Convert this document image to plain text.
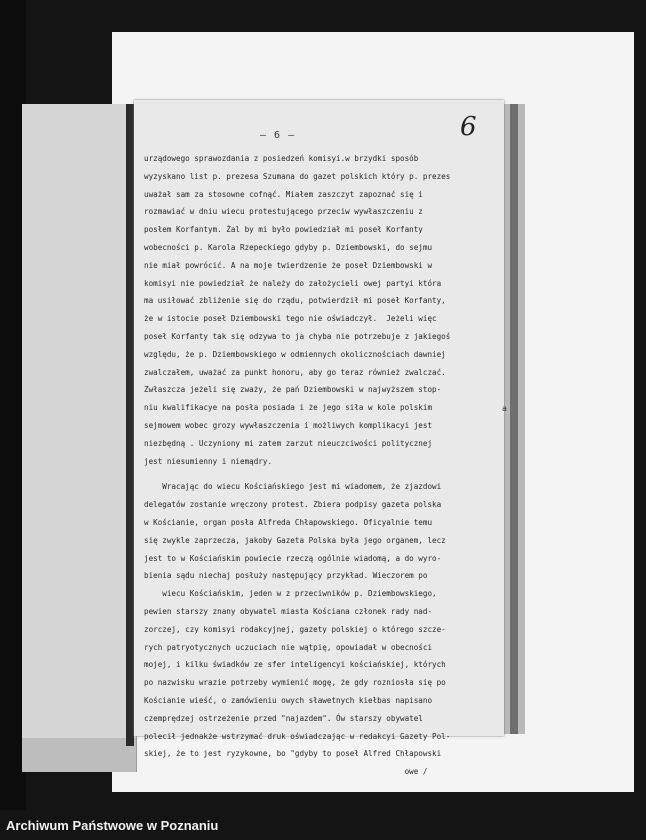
– 6 –	6
urządowego sprawozdania z posiedzeń komisyi.w brzydki sposób
wyzyskano list p. prezesa Szumana do gazet polskich który p. prezes
uważał sam za stosowne cofnąć. Miałem zaszczyt zapoznać się i
rozmawiać w dniu wiecu protestującego przeciw wywłaszczeniu z
posłem Korfantym. Żal by mi było powiedział mi poseł Korfanty
wobecności p. Karola Rzepeckiego gdyby p. Dziembowski, do sejmu
nie miał powrócić. A na moje twierdzenie że poseł Dziembowski w
komisyi nie powiedział że należy do założycieli owej partyi która
ma usiłować zbliżenie się do rządu, potwierdził mi poseł Korfanty,
że w istocie poseł Dziembowski tego nie oświadczył.  Jeżeli więc
poseł Korfanty tak się odzywa to ja chyba nie potrzebuje z jakiegoś
względu, że p. Dziembowskiego w odmiennych okolicznościach dawniej
zwalczałem, uważać za punkt honoru, aby go teraz również zwalczać.
Zwłaszcza jeżeli się zważy, że pań Dziembowski w najwyższem stop-
niu kwalifikacye na posła posiada i że jego siła w kole polskim
sejmowem wobec grozy wywłaszczenia i możliwych komplikacyi jest
niezbędną . Uczyniony mi zatem zarzut nieuczciwości politycznej
jest niesumienny i niemądry.
Wracając do wiecu Kościańskiego jest mi wiadomem, że zjazdowi
delegatów zostanie wręczony protest. Zbiera podpisy gazeta polska
w Kościanie, organ posła Alfreda Chłapowskiego. Oficyalnie temu
się zwykle zaprzecza, jakoby Gazeta Polska była jego organem, lecz
jest to w Kościańskim powiecie rzeczą ogólnie wiadomą, a do wyro-
bienia sądu niechaj posłuży następujący przykład. Wieczorem po
wiecu Kościańskim, jeden w z przeciwników p. Dziembowskiego,
pewien starszy znany obywatel miasta Kościana członek rady nad-
zorczej, czy komisyi rodakcyjnej, gazety polskiej o którego szcze-
rych patryotycznych uczuciach nie wątpię, opowiadał w obecności
mojej, i kilku świadków ze sfer inteligencyi kościańskiej, których
po nazwisku wrazie potrzeby wymienić mogę, że gdy rozniosła się po
Kościanie wieść, o zamówieniu owych sławetnych kiełbas napisano
czemprędzej ostrzeżenie przed "najazdem". Ów starszy obywatel
polecił jednakże wstrzymać druk oświadczając w redakcyi Gazety Pol-
skiej, że to jest ryzykowne, bo "gdyby to poseł Alfred Chłapowski
owe /
a
Archiwum Państwowe w Poznaniu
